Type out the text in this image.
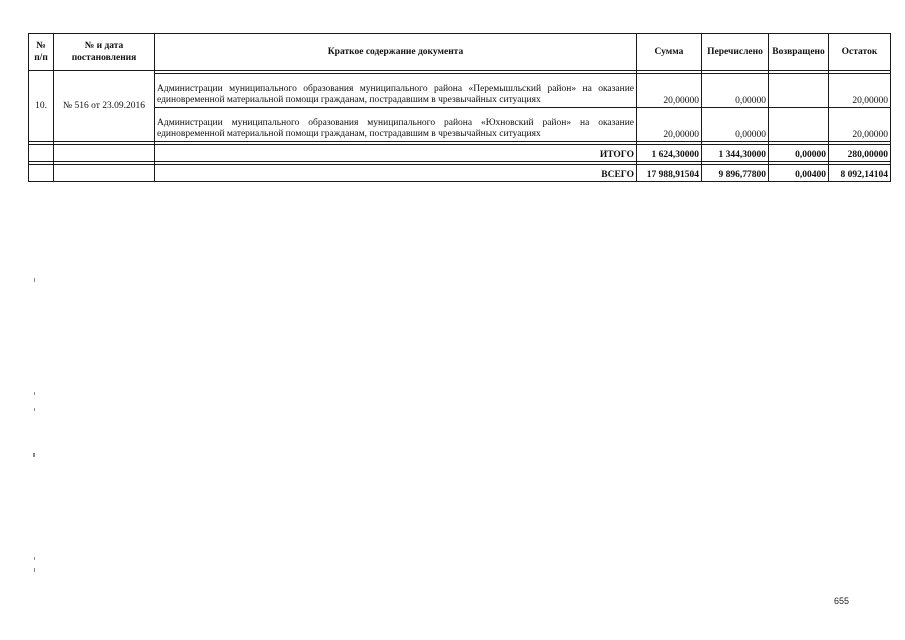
№ п/п	№ и дата постановления	Краткое содержание документа	Сумма	Перечислено	Возвращено	Остаток
10.	№ 516 от 23.09.2016					
		Администрации муниципального образования муниципального района «Перемышльский район» на оказание единовременной материальной помощи гражданам, пострадавшим в чрезвычайных ситуациях	20,00000	0,00000		20,00000
		Администрации муниципального образования муниципального района «Юхновский район» на оказание единовременной материальной помощи гражданам, пострадавшим в чрезвычайных ситуациях	20,00000	0,00000		20,00000

		ИТОГО	1 624,30000	1 344,30000	0,00000	280,00000

		ВСЕГО	17 988,91504	9 896,77800	0,00400	8 092,14104
655
